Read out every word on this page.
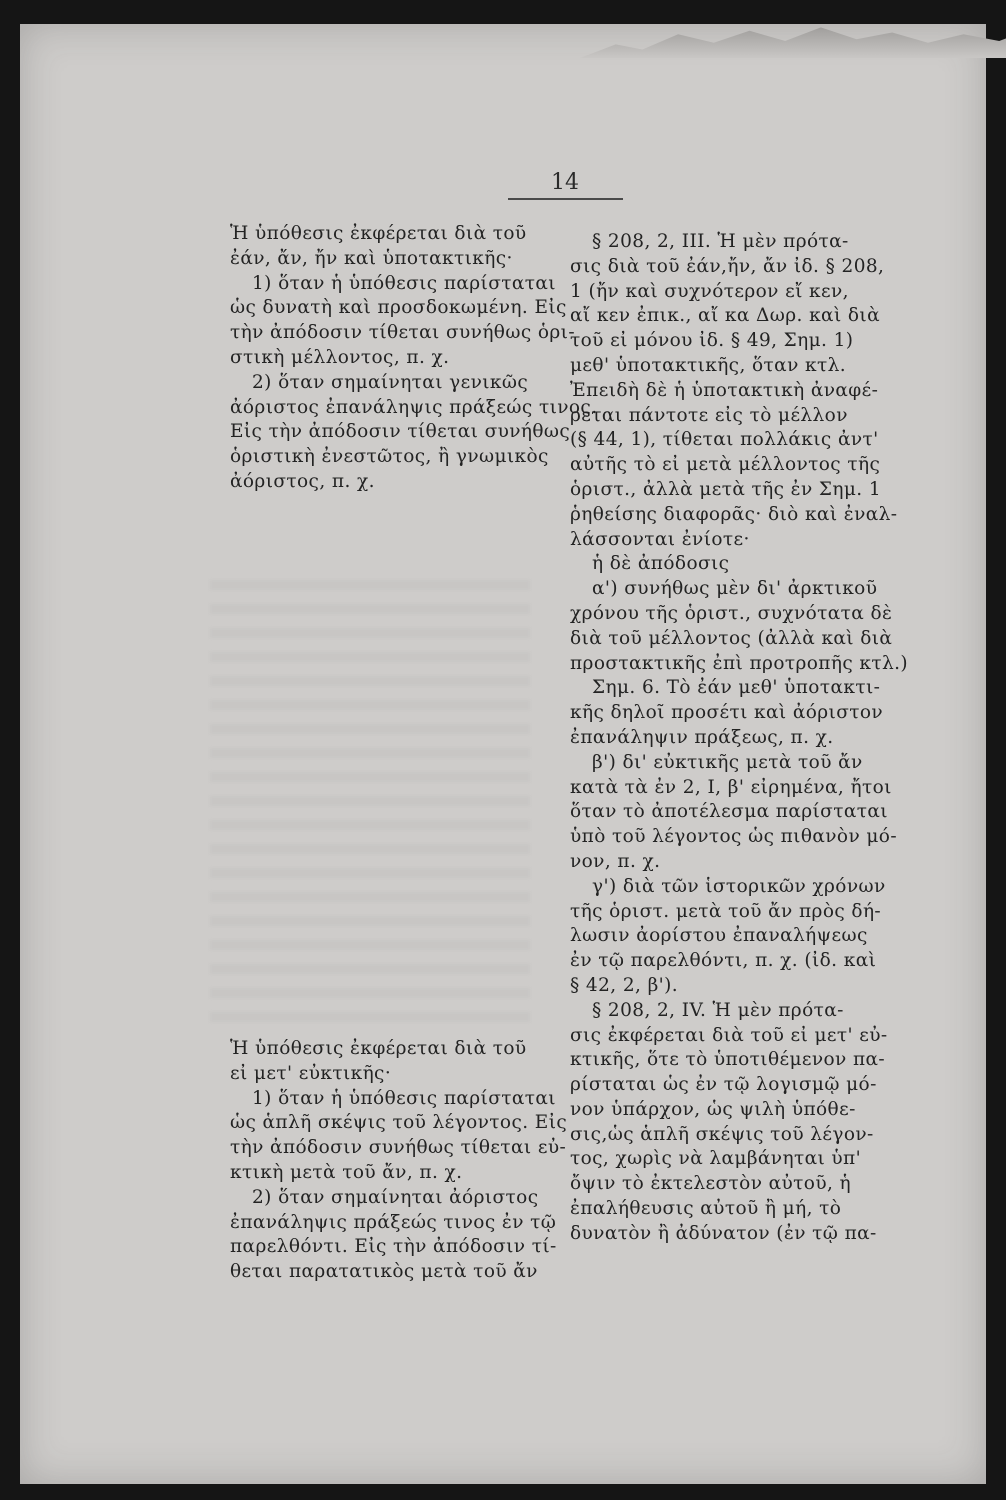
14

Ἡ ὑπόθεσις ἐκφέρεται διὰ τοῦ

ἐάν, ἄν, ἤν καὶ ὑποτακτικῆς·

1) ὅταν ἡ ὑπόθεσις παρίσταται

ὡς δυνατὴ καὶ προσδοκωμένη. Εἰς

τὴν ἀπόδοσιν τίθεται συνήθως ὁρι-

στικὴ μέλλοντος, π. χ.

2) ὅταν σημαίνηται γενικῶς

ἀόριστος ἐπανάληψις πράξεώς τινος.

Εἰς τὴν ἀπόδοσιν τίθεται συνήθως

ὁριστικὴ ἐνεστῶτος, ἢ γνωμικὸς

ἀόριστος, π. χ.

Ἡ ὑπόθεσις ἐκφέρεται διὰ τοῦ

εἰ μετ' εὐκτικῆς·

1) ὅταν ἡ ὑπόθεσις παρίσταται

ὡς ἁπλῆ σκέψις τοῦ λέγοντος. Εἰς

τὴν ἀπόδοσιν συνήθως τίθεται εὐ-

κτικὴ μετὰ τοῦ ἄν, π. χ.

2) ὅταν σημαίνηται ἀόριστος

ἐπανάληψις πράξεώς τινος ἐν τῷ

παρελθόντι. Εἰς τὴν ἀπόδοσιν τί-

θεται παρατατικὸς μετὰ τοῦ ἄν

§ 208, 2, III. Ἡ μὲν πρότα-

σις διὰ τοῦ ἐάν,ἤν, ἄν ἰδ. § 208,

1 (ἤν καὶ συχνότερον εἴ κεν,

αἴ κεν ἐπικ., αἴ κα Δωρ. καὶ διὰ

τοῦ εἰ μόνου ἰδ. § 49, Σημ. 1)

μεθ' ὑποτακτικῆς, ὅταν κτλ.

Ἐπειδὴ δὲ ἡ ὑποτακτικὴ ἀναφέ-

ρεται πάντοτε εἰς τὸ μέλλον

(§ 44, 1), τίθεται πολλάκις ἀντ'

αὐτῆς τὸ εἰ μετὰ μέλλοντος τῆς

ὁριστ., ἀλλὰ μετὰ τῆς ἐν Σημ. 1

ῥηθείσης διαφορᾶς· διὸ καὶ ἐναλ-

λάσσονται ἐνίοτε·

ἡ δὲ ἀπόδοσις

α') συνήθως μὲν δι' ἀρκτικοῦ

χρόνου τῆς ὁριστ., συχνότατα δὲ

διὰ τοῦ μέλλοντος (ἀλλὰ καὶ διὰ

προστακτικῆς ἐπὶ προτροπῆς κτλ.)

Σημ. 6. Τὸ ἐάν μεθ' ὑποτακτι-

κῆς δηλοῖ προσέτι καὶ ἀόριστον

ἐπανάληψιν πράξεως, π. χ.

β') δι' εὐκτικῆς μετὰ τοῦ ἄν

κατὰ τὰ ἐν 2, I, β' εἰρημένα, ἤτοι

ὅταν τὸ ἀποτέλεσμα παρίσταται

ὑπὸ τοῦ λέγοντος ὡς πιθανὸν μό-

νον, π. χ.

γ') διὰ τῶν ἱστορικῶν χρόνων

τῆς ὁριστ. μετὰ τοῦ ἄν πρὸς δή-

λωσιν ἀορίστου ἐπαναλήψεως

ἐν τῷ παρελθόντι, π. χ. (ἰδ. καὶ

§ 42, 2, β').

§ 208, 2, IV. Ἡ μὲν πρότα-

σις ἐκφέρεται διὰ τοῦ εἰ μετ' εὐ-

κτικῆς, ὅτε τὸ ὑποτιθέμενον πα-

ρίσταται ὡς ἐν τῷ λογισμῷ μό-

νον ὑπάρχον, ὡς ψιλὴ ὑπόθε-

σις,ὡς ἁπλῆ σκέψις τοῦ λέγον-

τος, χωρὶς νὰ λαμβάνηται ὑπ'

ὄψιν τὸ ἐκτελεστὸν αὐτοῦ, ἡ

ἐπαλήθευσις αὐτοῦ ἢ μή, τὸ

δυνατὸν ἢ ἀδύνατον (ἐν τῷ πα-
